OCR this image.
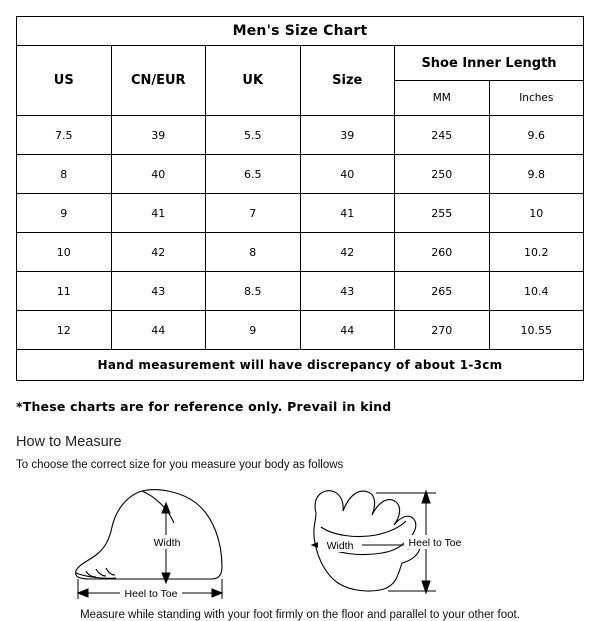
Men's Size Chart					
US	CN/EUR	UK	Size	Shoe Inner Length	
				MM	Inches
7.5	39	5.5	39	245	9.6
8	40	6.5	40	250	9.8
9	41	7	41	255	10
10	42	8	42	260	10.2
11	43	8.5	43	265	10.4
12	44	9	44	270	10.55
Hand measurement will have discrepancy of about 1-3cm					
*These charts are for reference only. Prevail in kind
How to Measure
To choose the correct size for you measure your body as follows
Width
Heel to Toe
Width	Heel to Toe
Measure while standing with your foot firmly on the floor and parallel to your other foot.
